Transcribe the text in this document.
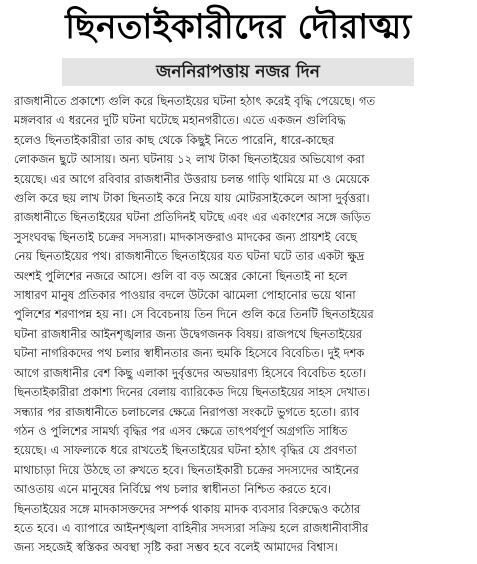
ছিনতাইকারীদের দৌরাত্ম্য
জননিরাপত্তায় নজর দিন
রাজধানীতে প্রকাশ্যে গুলি করে ছিনতাইয়ের ঘটনা হঠাৎ করেই বৃদ্ধি পেয়েছে। গত
মঙ্গলবার এ ধরনের দুটি ঘটনা ঘটেছে মহানগরীতে। এতে একজন গুলিবিদ্ধ
হলেও ছিনতাইকারীরা তার কাছ থেকে কিছুই নিতে পারেনি, ধারে-কাছের
লোকজন ছুটে আসায়। অন্য ঘটনায় ১২ লাখ টাকা ছিনতাইয়ের অভিযোগ করা
হয়েছে। এর আগে রবিবার রাজধানীর উত্তরায় চলন্ত গাড়ি থামিয়ে মা ও মেয়েকে
গুলি করে ছয় লাখ টাকা ছিনতাই করে নিয়ে যায় মোটরসাইকেলে আসা দুর্বৃত্তরা।
রাজধানীতে ছিনতাইয়ের ঘটনা প্রতিদিনই ঘটছে এবং এর একাংশের সঙ্গে জড়িত
সুসংঘবদ্ধ ছিনতাই চক্রের সদস্যরা। মাদকাসক্তরাও মাদকের জন্য প্রায়শই বেছে
নেয় ছিনতাইয়ের পথ। রাজধানীতে ছিনতাইয়ের যত ঘটনা ঘটে তার একটা ক্ষুদ্র
অংশই পুলিশের নজরে আসে। গুলি বা বড় অস্ত্রের কোনো ছিনতাই না হলে
সাধারণ মানুষ প্রতিকার পাওয়ার বদলে উটকো ঝামেলা পোহানোর ভয়ে থানা
পুলিশের শরণাপন্ন হয় না। সে বিবেচনায় তিন দিনে গুলি করে তিনটি ছিনতাইয়ের
ঘটনা রাজধানীর আইনশৃঙ্খলার জন্য উদ্বেগজনক বিষয়। রাজপথে ছিনতাইয়ের
ঘটনা নাগরিকদের পথ চলার স্বাধীনতার জন্য হুমকি হিসেবে বিবেচিত। দুই দশক
আগে রাজধানীর বেশ কিছু এলাকা দুর্বৃত্তদের অভয়ারণ্য হিসেবে বিবেচিত হতো।
ছিনতাইকারীরা প্রকাশ্য দিনের বেলায় ব্যারিকেড দিয়ে ছিনতাইয়ের সাহস দেখাত।
সন্ধ্যার পর রাজধানীতে চলাচলের ক্ষেত্রে নিরাপত্তা সংকটে ভুগতে হতো। র‍্যাব
গঠন ও পুলিশের সামর্থ্য বৃদ্ধির পর এসব ক্ষেত্রে তাৎপর্যপূর্ণ অগ্রগতি সাধিত
হয়েছে। এ সাফল্যকে ধরে রাখতেই ছিনতাইয়ের ঘটনা হঠাৎ বৃদ্ধির যে প্রবণতা
মাথাচাড়া দিয়ে উঠছে তা রুখতে হবে। ছিনতাইকারী চক্রের সদস্যদের আইনের
আওতায় এনে মানুষের নির্বিঘ্নে পথ চলার স্বাধীনতা নিশ্চিত করতে হবে।
ছিনতাইয়ের সঙ্গে মাদকাসক্তদের সম্পর্ক থাকায় মাদক ব্যবসার বিরুদ্ধেও কঠোর
হতে হবে। এ ব্যাপারে আইনশৃঙ্খলা বাহিনীর সদস্যরা সক্রিয় হলে রাজধানীবাসীর
জন্য সহজেই স্বস্তিকর অবস্থা সৃষ্টি করা সম্ভব হবে বলেই আমাদের বিশ্বাস।
